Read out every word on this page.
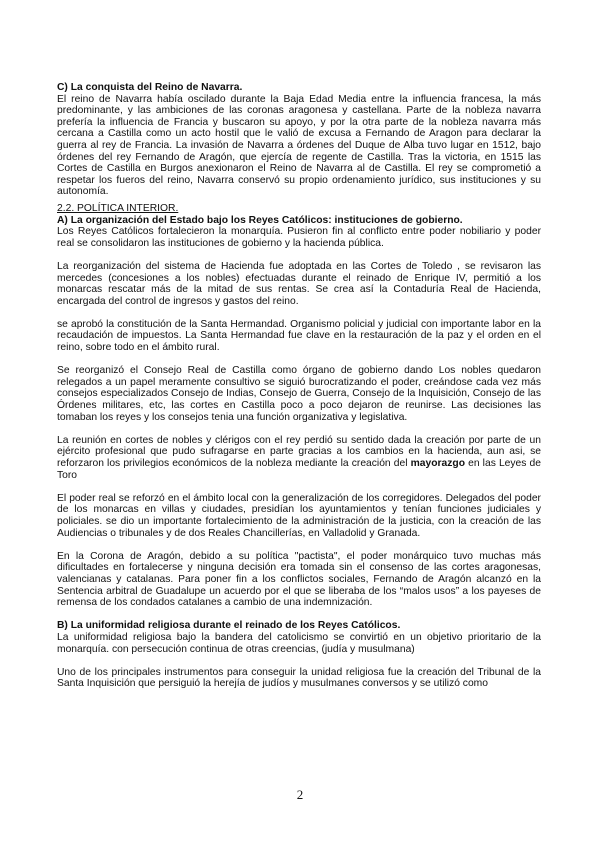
C) La conquista del Reino de Navarra.

El reino de Navarra había oscilado durante la Baja Edad Media entre la influencia francesa, la más predominante, y las ambiciones de las coronas aragonesa y castellana. Parte de la nobleza navarra prefería la influencia de Francia y buscaron su apoyo, y por la otra parte de la nobleza navarra más cercana a Castilla como un acto hostil que le valió de excusa a Fernando de Aragon para declarar la guerra al rey de Francia. La invasión de Navarra a órdenes del Duque de Alba tuvo lugar en 1512, bajo órdenes del rey Fernando de Aragón, que ejercía de regente de Castilla. Tras la victoria, en 1515 las Cortes de Castilla en Burgos anexionaron el Reino de Navarra al de Castilla. El rey se comprometió a respetar los fueros del reino, Navarra conservó su propio ordenamiento jurídico, sus instituciones y su autonomía.

2.2. POLÍTICA INTERIOR.

A) La organización del Estado bajo los Reyes Católicos: instituciones de gobierno.

Los Reyes Católicos fortalecieron la monarquía. Pusieron fin al conflicto entre poder nobiliario y poder real se consolidaron las instituciones de gobierno y la hacienda pública.

La reorganización del sistema de Hacienda fue adoptada en las Cortes de Toledo , se revisaron las mercedes (concesiones a los nobles) efectuadas durante el reinado de Enrique IV, permitió a los monarcas rescatar más de la mitad de sus rentas. Se crea así la Contaduría Real de Hacienda, encargada del control de ingresos y gastos del reino.

se aprobó la constitución de la Santa Hermandad. Organismo policial y judicial con importante labor en la recaudación de impuestos. La Santa Hermandad fue clave en la restauración de la paz y el orden en el reino, sobre todo en el ámbito rural.

Se reorganizó el Consejo Real de Castilla como órgano de gobierno dando Los nobles quedaron relegados a un papel meramente consultivo se siguió burocratizando el poder, creándose cada vez más consejos especializados Consejo de Indias, Consejo de Guerra, Consejo de la Inquisición, Consejo de las Órdenes militares, etc, las cortes en Castilla poco a poco dejaron de reunirse. Las decisiones las tomaban los reyes y los consejos tenia una función organizativa y legislativa.

La reunión en cortes de nobles y clérigos con el rey perdió su sentido dada la creación por parte de un ejército profesional que pudo sufragarse en parte gracias a los cambios en la hacienda, aun asi, se reforzaron los privilegios económicos de la nobleza mediante la creación del mayorazgo en las Leyes de Toro

El poder real se reforzó en el ámbito local con la generalización de los corregidores. Delegados del poder de los monarcas en villas y ciudades, presidían los ayuntamientos y tenían funciones judiciales y policiales. se dio un importante fortalecimiento de la administración de la justicia, con la creación de las Audiencias o tribunales y de dos Reales Chancillerías, en Valladolid y Granada.

En la Corona de Aragón, debido a su política "pactista", el poder monárquico tuvo muchas más dificultades en fortalecerse y ninguna decisión era tomada sin el consenso de las cortes aragonesas, valencianas y catalanas. Para poner fin a los conflictos sociales, Fernando de Aragón alcanzó en la Sentencia arbitral de Guadalupe un acuerdo por el que se liberaba de los “malos usos” a los payeses de remensa de los condados catalanes a cambio de una indemnización.

B) La uniformidad religiosa durante el reinado de los Reyes Católicos.

La uniformidad religiosa bajo la bandera del catolicismo se convirtió en un objetivo prioritario de la monarquía. con persecución continua de otras creencias, (judía y musulmana)

Uno de los principales instrumentos para conseguir la unidad religiosa fue la creación del Tribunal de la Santa Inquisición que persiguió la herejía de judíos y musulmanes conversos y se utilizó como

2
